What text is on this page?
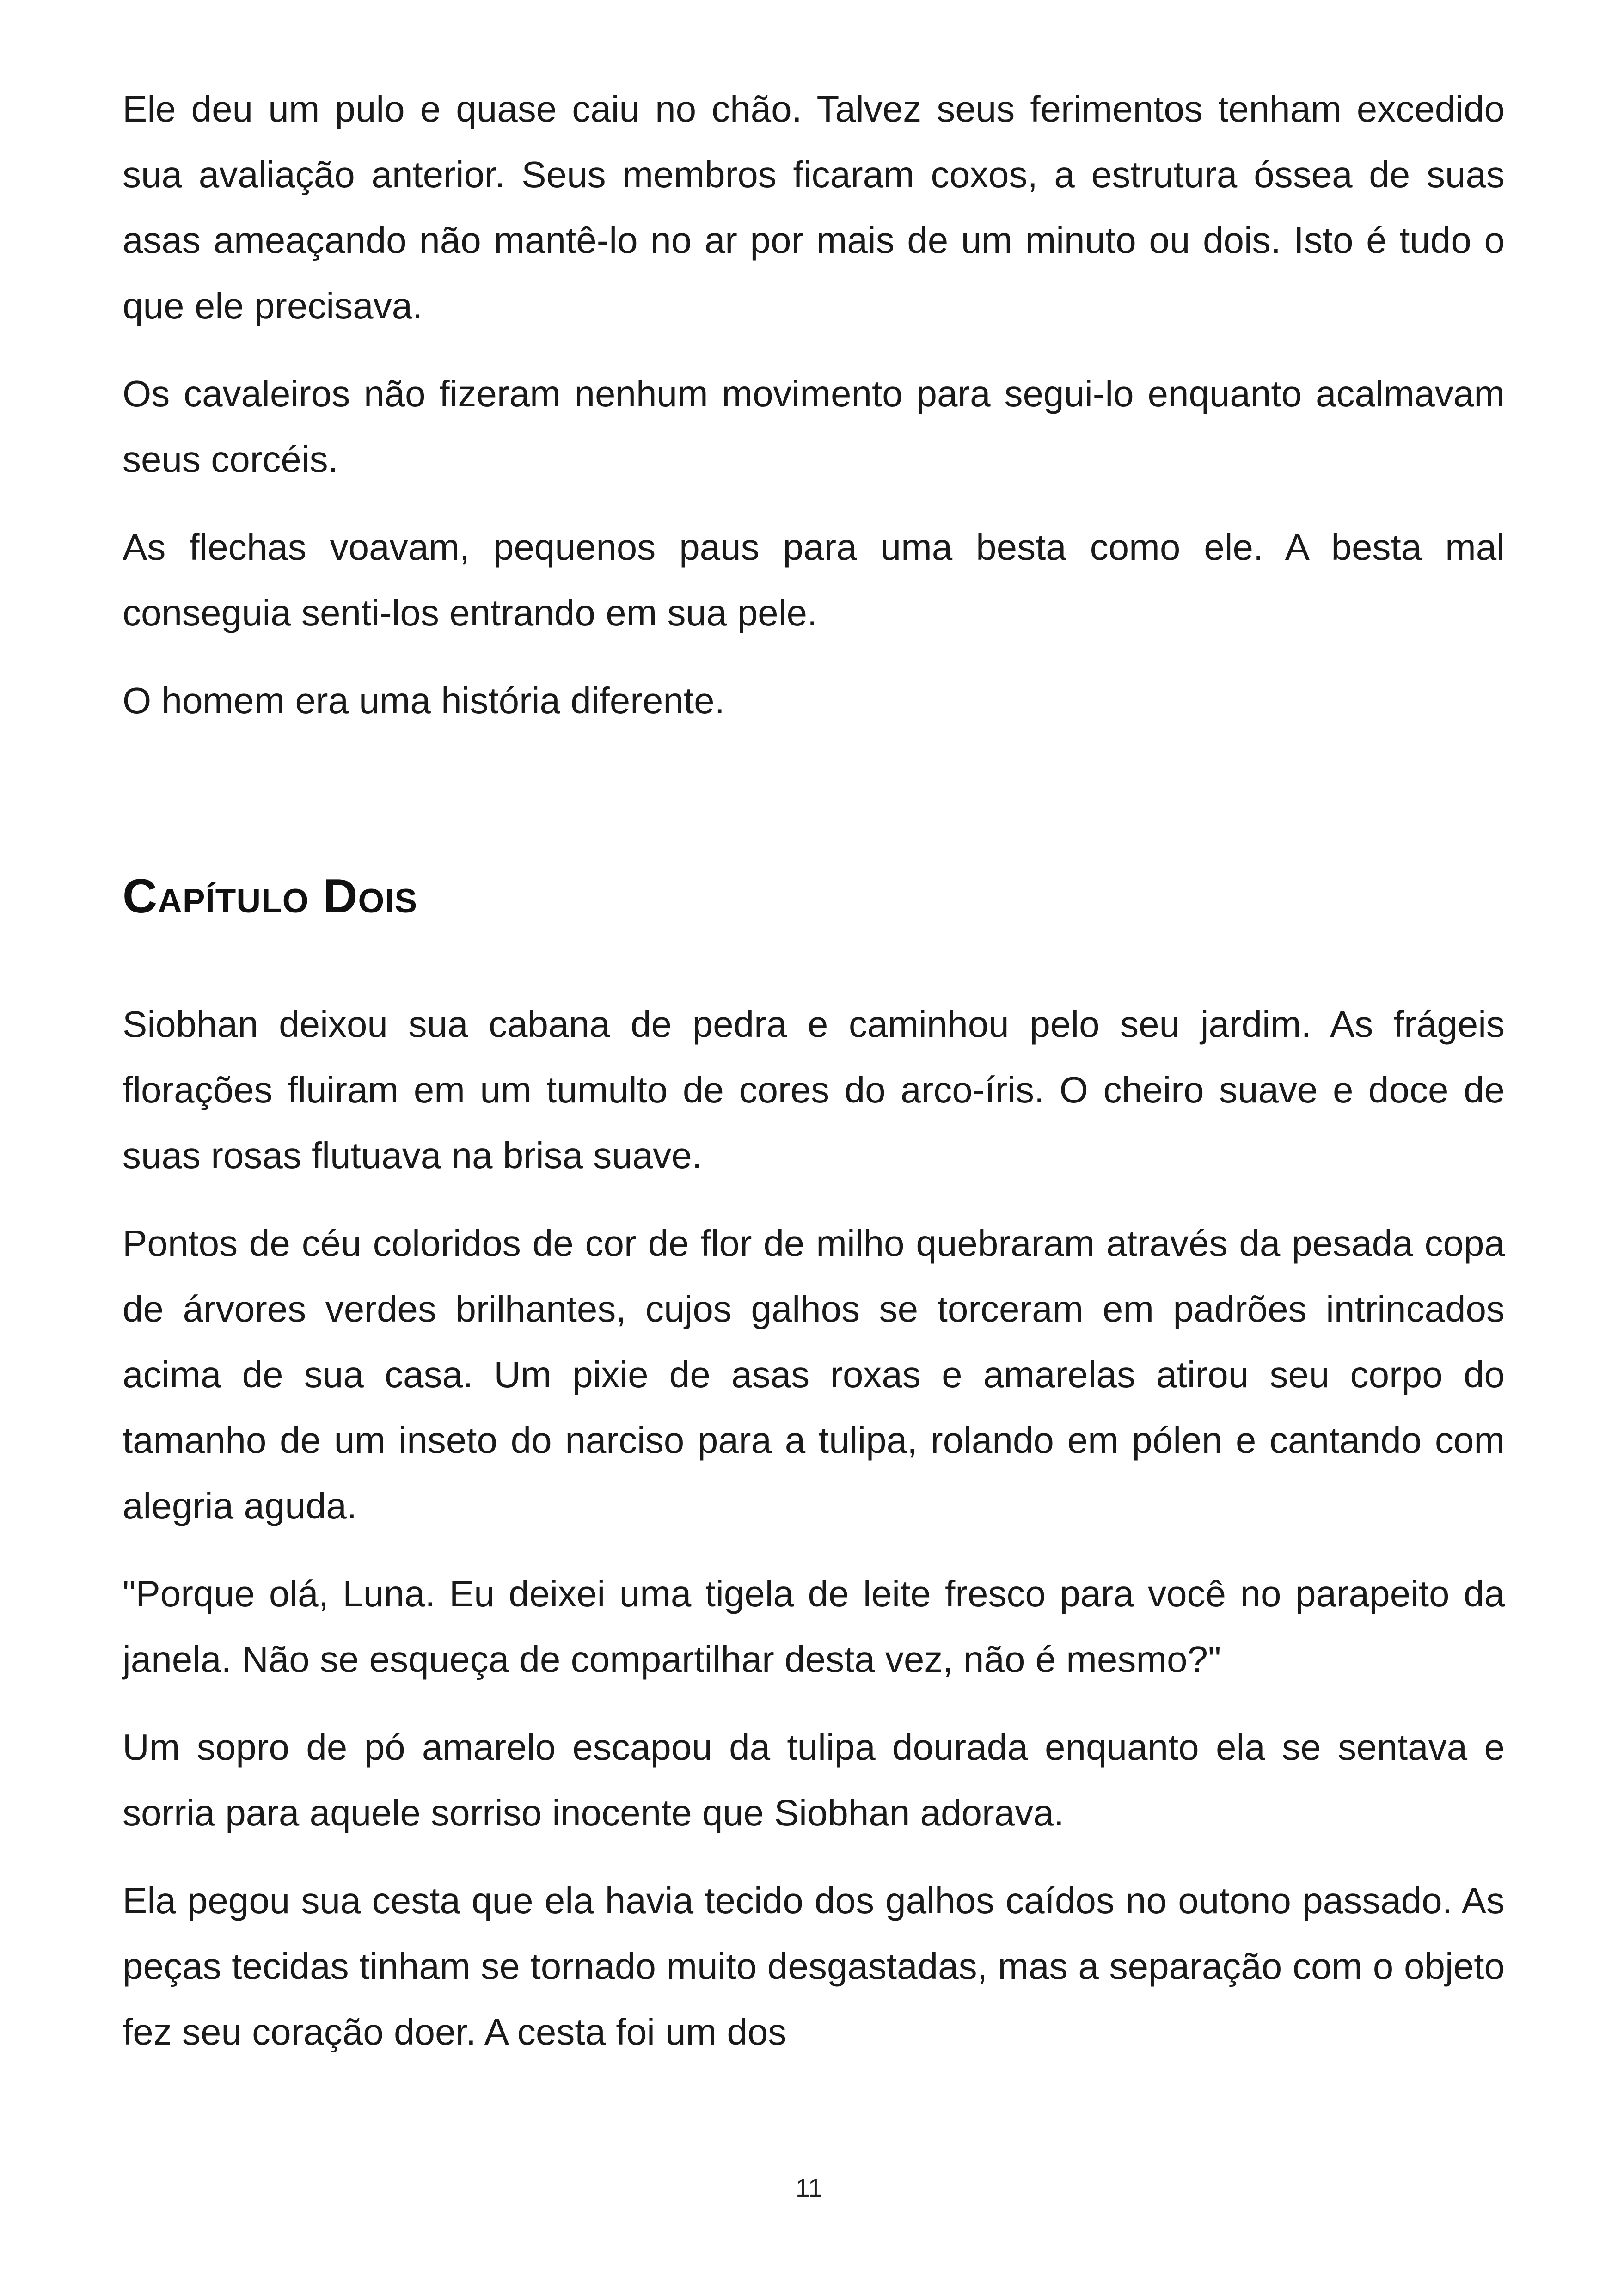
Ele deu um pulo e quase caiu no chão. Talvez seus ferimentos tenham excedido sua avaliação anterior. Seus membros ficaram coxos, a estrutura óssea de suas asas ameaçando não mantê-lo no ar por mais de um minuto ou dois. Isto é tudo o que ele precisava.

Os cavaleiros não fizeram nenhum movimento para segui-lo enquanto acalmavam seus corcéis.

As flechas voavam, pequenos paus para uma besta como ele. A besta mal conseguia senti-los entrando em sua pele.

O homem era uma história diferente.

Capítulo Dois

Siobhan deixou sua cabana de pedra e caminhou pelo seu jardim. As frágeis florações fluiram em um tumulto de cores do arco-íris. O cheiro suave e doce de suas rosas flutuava na brisa suave.

Pontos de céu coloridos de cor de flor de milho quebraram através da pesada copa de árvores verdes brilhantes, cujos galhos se torceram em padrões intrincados acima de sua casa. Um pixie de asas roxas e amarelas atirou seu corpo do tamanho de um inseto do narciso para a tulipa, rolando em pólen e cantando com alegria aguda.

"Porque olá, Luna. Eu deixei uma tigela de leite fresco para você no parapeito da janela. Não se esqueça de compartilhar desta vez, não é mesmo?"

Um sopro de pó amarelo escapou da tulipa dourada enquanto ela se sentava e sorria para aquele sorriso inocente que Siobhan adorava.

Ela pegou sua cesta que ela havia tecido dos galhos caídos no outono passado. As peças tecidas tinham se tornado muito desgastadas, mas a separação com o objeto fez seu coração doer. A cesta foi um dos

11
